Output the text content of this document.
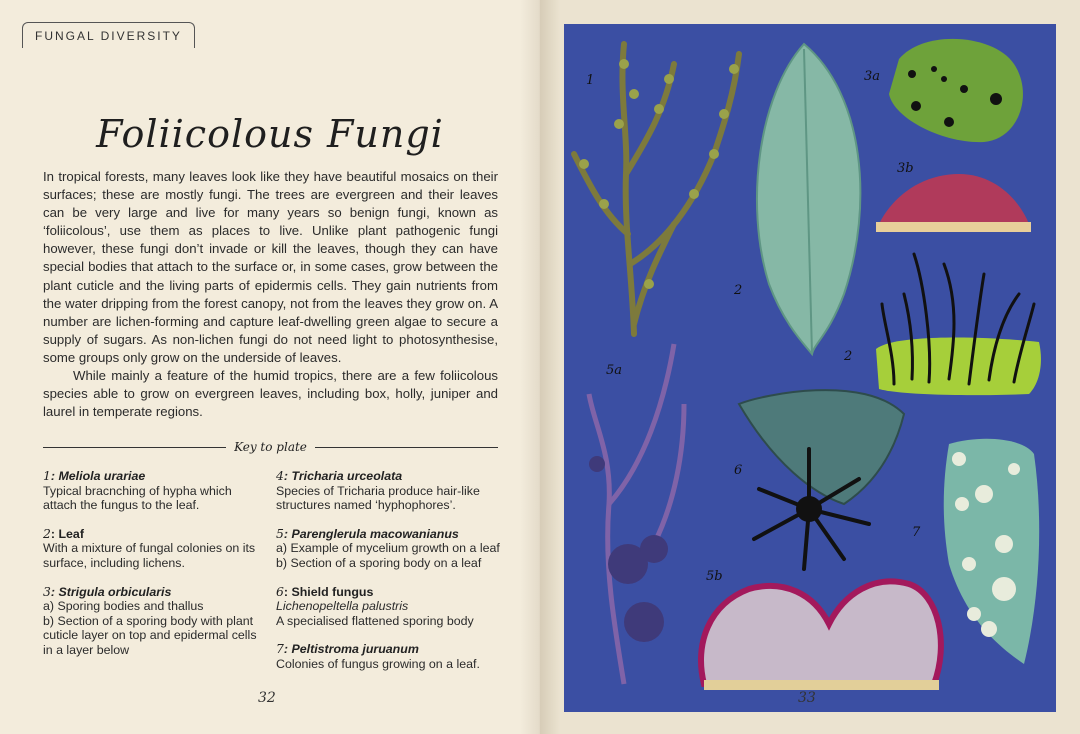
FUNGAL DIVERSITY
Foliicolous Fungi

In tropical forests, many leaves look like they have beautiful mosaics on their surfaces; these are mostly fungi. The trees are evergreen and their leaves can be very large and live for many years so benign fungi, known as ‘foliicolous’, use them as places to live. Unlike plant pathogenic fungi however, these fungi don’t invade or kill the leaves, though they can have special bodies that attach to the surface or, in some cases, grow between the plant cuticle and the living parts of epidermis cells. They gain nutrients from the water dripping from the forest canopy, not from the leaves they grow on. A number are lichen-forming and capture leaf-dwelling green algae to secure a supply of sugars. As non-lichen fungi do not need light to photosynthesise, some groups only grow on the underside of leaves.

While mainly a feature of the humid tropics, there are a few foliicolous species able to grow on evergreen leaves, including box, holly, juniper and laurel in temperate regions.

Key to plate
1: Meliola urariae
Typical bracnching of hypha which attach the fungus to the leaf.
2: Leaf
With a mixture of fungal colonies on its surface, including lichens.
3: Strigula orbicularis
a) Sporing bodies and thallus
b) Section of a sporing body with plant cuticle layer on top and epidermal cells in a layer below
4: Tricharia urceolata
Species of Tricharia produce hair-like structures named ‘hyphophores’.
5: Parenglerula macowanianus
a) Example of mycelium growth on a leaf
b) Section of a sporing body on a leaf
6: Shield fungus
Lichenopeltella palustris
A specialised flattened sporing body
7: Peltistroma juruanum
Colonies of fungus growing on a leaf.
32
1
2
2
3a
3b
5a
5b
6
7
33
